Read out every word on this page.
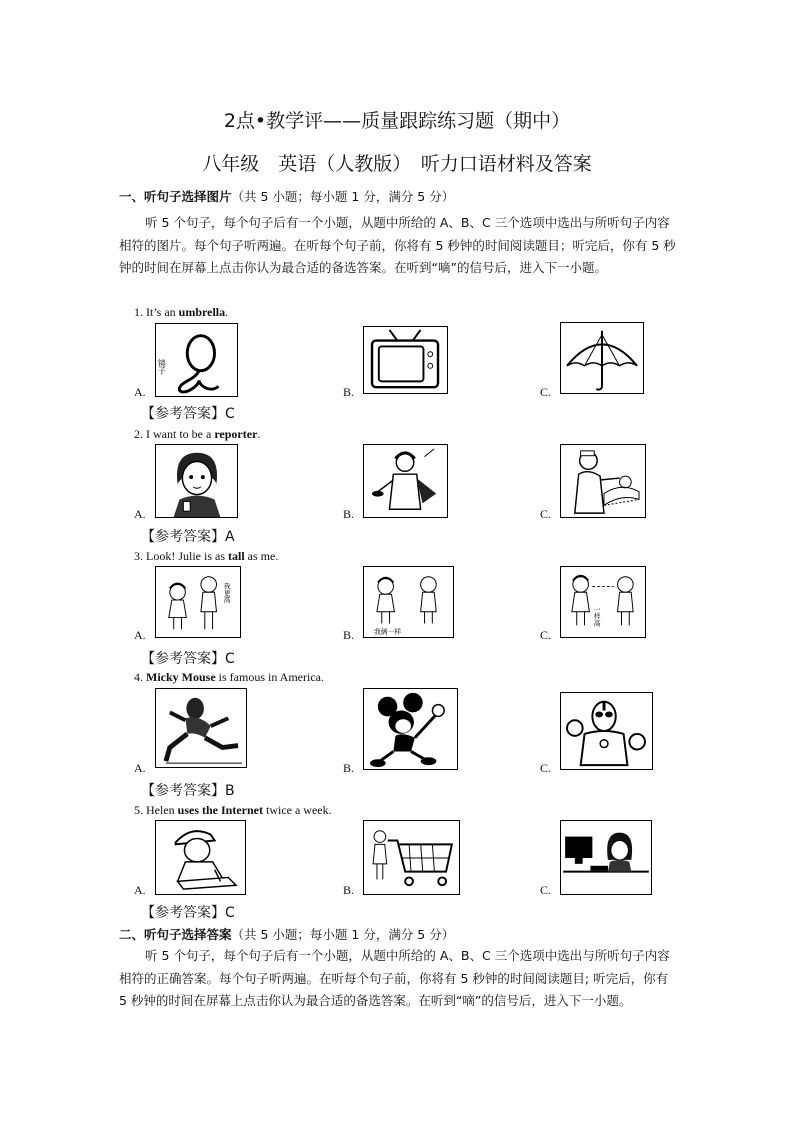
2点•教学评——质量跟踪练习题（期中）
八年级　英语（人教版）　听力口语材料及答案
一、听句子选择图片（共 5 小题；每小题 1 分，满分 5 分）
听 5 个句子，每个句子后有一个小题，从题中所给的 A、B、C 三个选项中选出与所听句子内容相符的图片。每个句子听两遍。在听每个句子前，你将有 5 秒钟的时间阅读题目；听完后，你有 5 秒钟的时间在屏幕上点击你认为最合适的备选答案。在听到“嘀”的信号后，进入下一小题。
1. It’s an umbrella.
A.
镜子
B.	C.
【参考答案】C
2. I want to be a reporter.
A.	B.	C.
【参考答案】A
3. Look! Julie is as tall as me.
A.
我更高
B.	我俩一样	C.
一样高
【参考答案】C
4. Micky Mouse is famous in America.
A.	B.	C.
【参考答案】B
5. Helen uses the Internet twice a week.
A.	B.	C.
【参考答案】C
二、听句子选择答案（共 5 小题；每小题 1 分，满分 5 分）
听 5 个句子，每个句子后有一个小题，从题中所给的 A、B、C 三个选项中选出与所听句子内容相符的正确答案。每个句子听两遍。在听每个句子前，你将有 5 秒钟的时间阅读题目; 听完后，你有 5 秒钟的时间在屏幕上点击你认为最合适的备选答案。在听到“嘀”的信号后，进入下一小题。
